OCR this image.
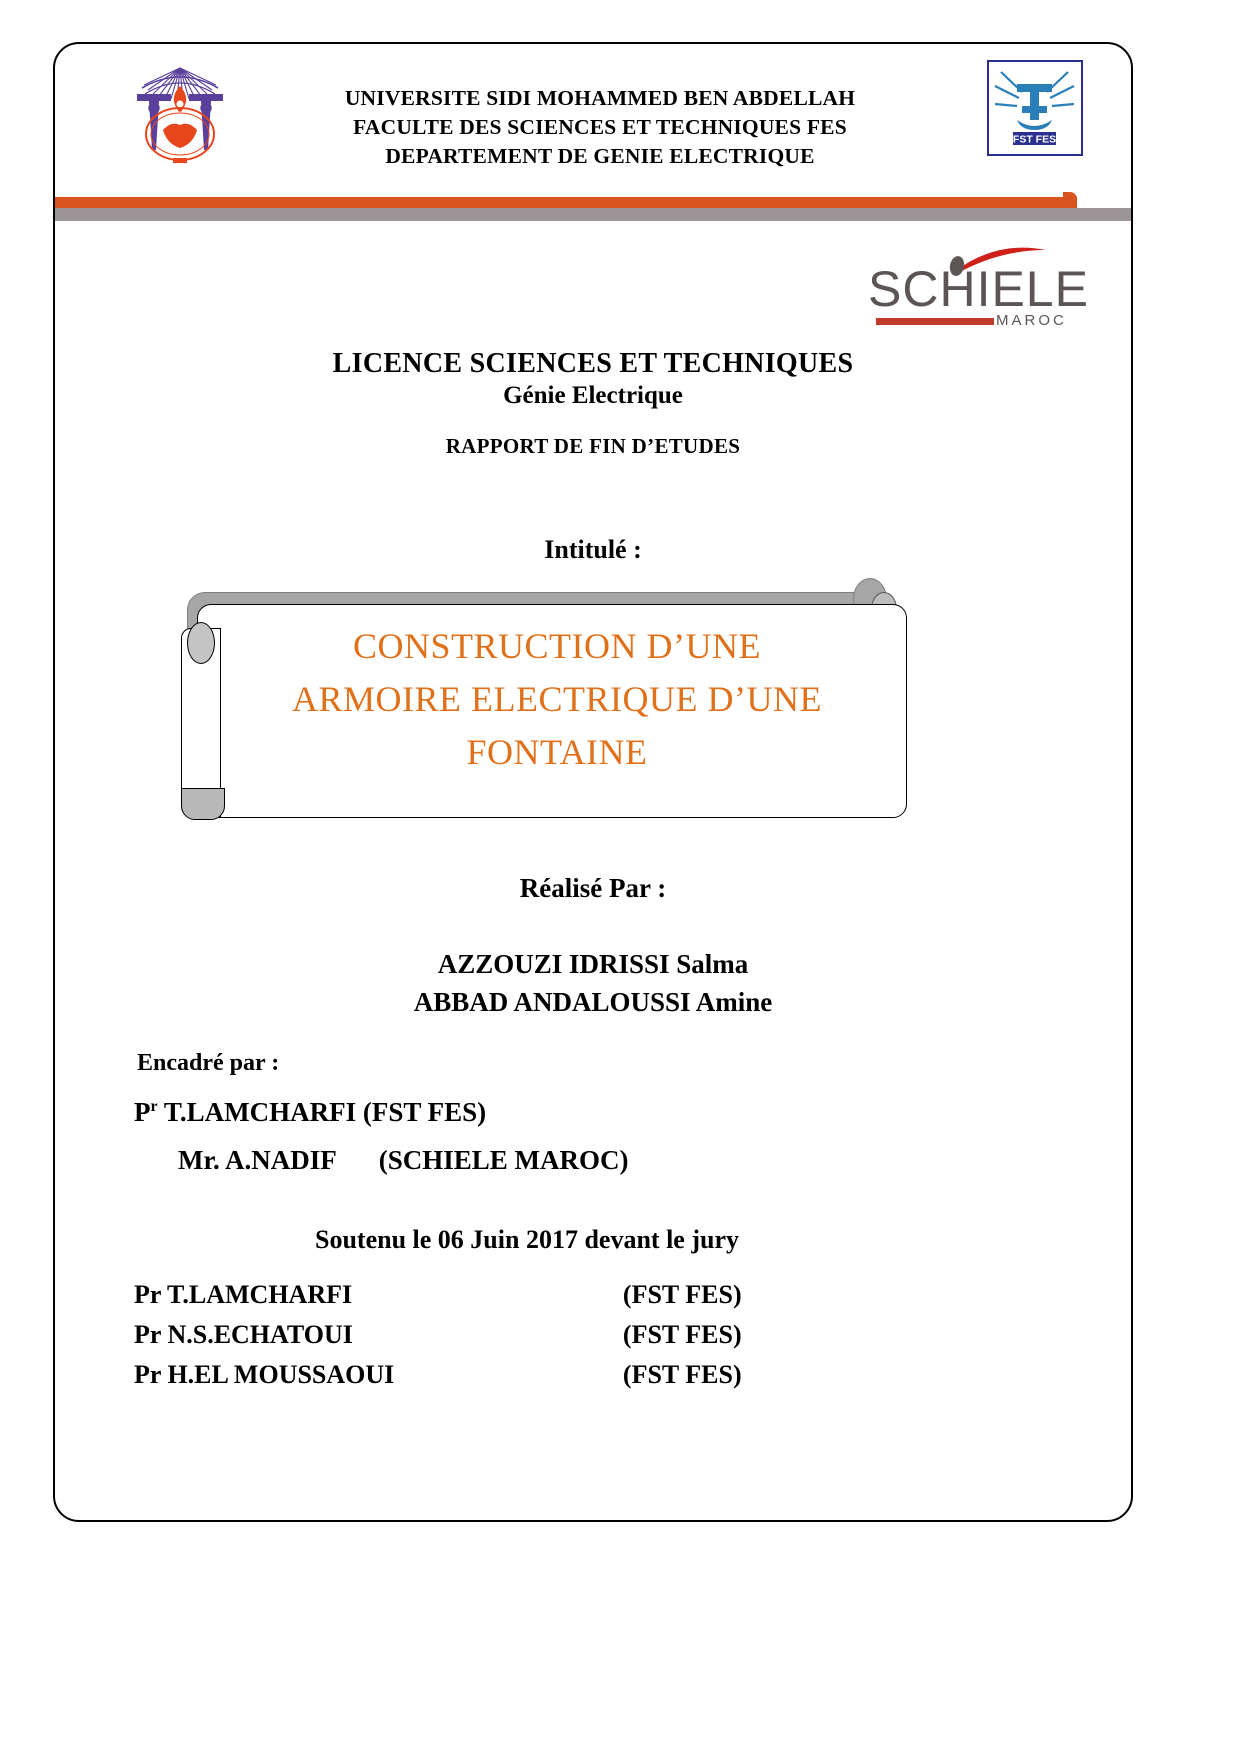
UNIVERSITE SIDI MOHAMMED BEN ABDELLAH
FACULTE DES SCIENCES ET TECHNIQUES FES
DEPARTEMENT DE GENIE ELECTRIQUE
FST FES
SCHIELE
MAROC
LICENCE SCIENCES ET TECHNIQUES
Génie Electrique
RAPPORT DE FIN D’ETUDES
Intitulé :
CONSTRUCTION D’UNE
ARMOIRE ELECTRIQUE D’UNE
FONTAINE
Réalisé Par :
AZZOUZI IDRISSI Salma
ABBAD ANDALOUSSI Amine
Encadré par :
$P^r$ T.LAMCHARFI (FST FES)
Mr. A.NADIF (SCHIELE MAROC)
Soutenu le 06 Juin 2017 devant le jury
Pr T.LAMCHARFI	(FST FES)
Pr N.S.ECHATOUI	(FST FES)
Pr H.EL MOUSSAOUI	(FST FES)
